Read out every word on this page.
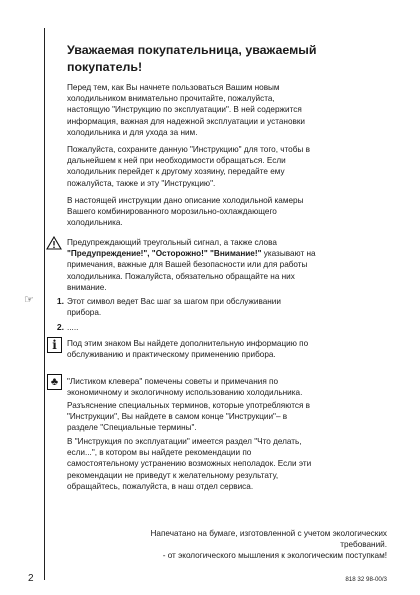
Уважаемая покупательница, уважаемый
покупатель!

Перед тем, как Вы начнете пользоваться Вашим новым
холодильником внимательно прочитайте, пожалуйста,
настоящую "Инструкцию по эксплуатации". В ней содержится
информация, важная для надежной эксплуатации и установки
холодильника и для ухода за ним.

Пожалуйста, сохраните данную "Инструкцию" для того, чтобы в
дальнейшем к ней при необходимости обращаться. Если
холодильник перейдет к другому хозяину, передайте ему
пожалуйста, также и эту "Инструкцию".

В настоящей инструкции дано описание холодильной камеры
Вашего комбинированного морозильно-охлаждающего
холодильника.

Предупреждающий треугольный сигнал, а также слова
"Предупреждение!", "Осторожно!" "Внимание!" указывают на
примечания, важные для Вашей безопасности или для работы
холодильника. Пожалуйста, обязательно обращайте на них
внимание.

☞	1. Этот символ ведет Вас шаг за шагом при обслуживании
прибора.

2. .....

i	Под этим знаком Вы найдете дополнительную информацию по
обслуживанию и практическому применению прибора.

♣	"Листиком клевера" помечены советы и примечания по
экономичному и экологичному использованию холодильника.

Разъяснение специальных терминов, которые употребляются в
"Инструкции", Вы найдете в самом конце "Инструкции"– в
разделе "Специальные термины".

В "Инструкция по эксплуатации" имеется раздел "Что делать,
если...", в котором вы найдете рекомендации по
самостоятельному устранению возможных неполадок. Если эти
рекомендации не приведут к желательному результату,
обращайтесь, пожалуйста, в наш отдел сервиса.

Напечатано на бумаге, изготовленной с учетом экологических
требований.
- от экологического мышления к экологическим поступкам!

2	818 32 98-00/3
